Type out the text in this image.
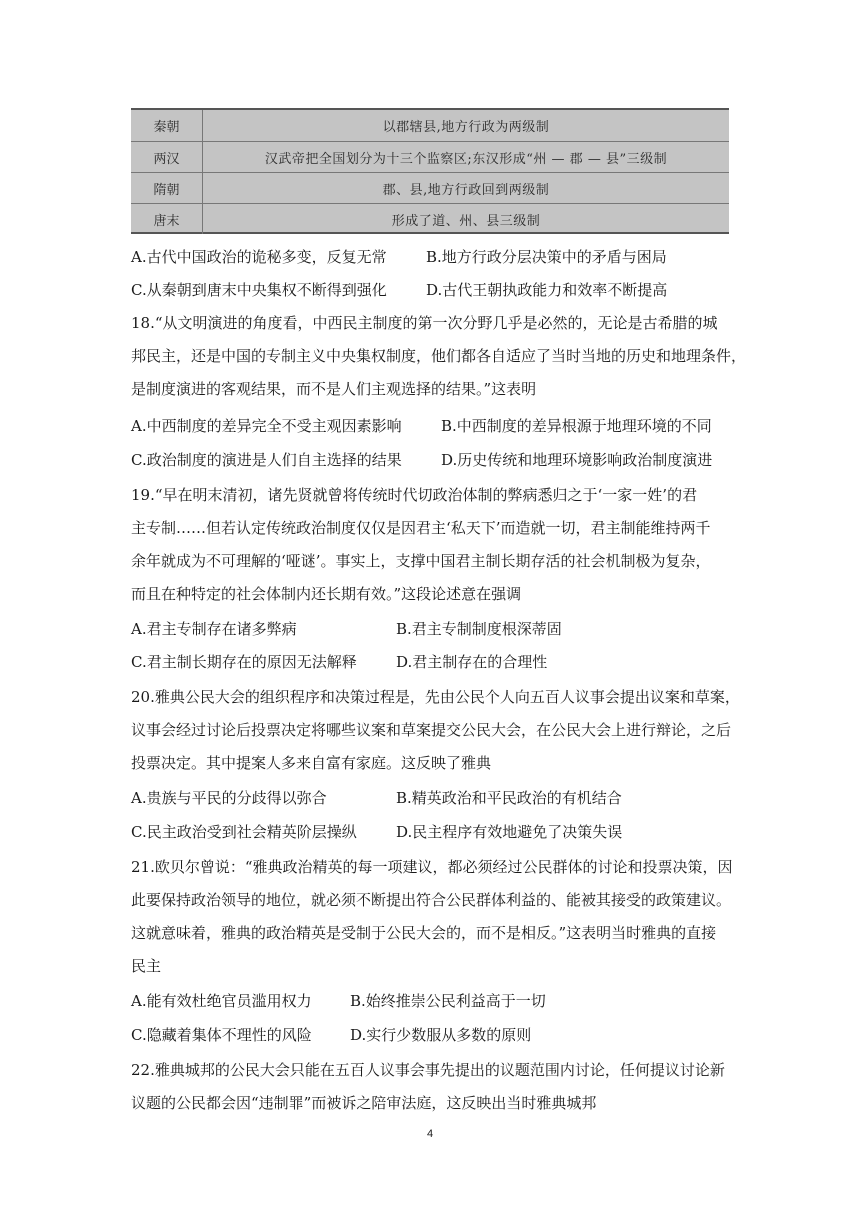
秦朝	以郡辖县,地方行政为两级制
两汉	汉武帝把全国划分为十三个监察区;东汉形成“州 — 郡 — 县”三级制
隋朝	郡、县,地方行政回到两级制
唐末	形成了道、州、县三级制
A.古代中国政治的诡秘多变，反复无常	B.地方行政分层决策中的矛盾与困局
C.从秦朝到唐末中央集权不断得到强化	D.古代王朝执政能力和效率不断提高
18.“从文明演进的角度看，中西民主制度的第一次分野几乎是必然的，无论是古希腊的城
邦民主，还是中国的专制主义中央集权制度，他们都各自适应了当时当地的历史和地理条件，
是制度演进的客观结果，而不是人们主观选择的结果。”这表明
A.中西制度的差异完全不受主观因素影响	B.中西制度的差异根源于地理环境的不同
C.政治制度的演进是人们自主选择的结果	D.历史传统和地理环境影响政治制度演进
19.“早在明末清初，诸先贤就曾将传统时代切政治体制的弊病悉归之于‘一家一姓’的君
主专制……但若认定传统政治制度仅仅是因君主‘私天下’而造就一切，君主制能维持两千
余年就成为不可理解的‘哑谜’。事实上，支撑中国君主制长期存活的社会机制极为复杂，
而且在种特定的社会体制内还长期有效。”这段论述意在强调
A.君主专制存在诸多弊病	B.君主专制制度根深蒂固
C.君主制长期存在的原因无法解释	D.君主制存在的合理性
20.雅典公民大会的组织程序和决策过程是，先由公民个人向五百人议事会提出议案和草案，
议事会经过讨论后投票决定将哪些议案和草案提交公民大会，在公民大会上进行辩论，之后
投票决定。其中提案人多来自富有家庭。这反映了雅典
A.贵族与平民的分歧得以弥合	B.精英政治和平民政治的有机结合
C.民主政治受到社会精英阶层操纵	D.民主程序有效地避免了决策失误
21.欧贝尔曾说：“雅典政治精英的每一项建议，都必须经过公民群体的讨论和投票决策，因
此要保持政治领导的地位，就必须不断提出符合公民群体利益的、能被其接受的政策建议。
这就意味着，雅典的政治精英是受制于公民大会的，而不是相反。”这表明当时雅典的直接
民主
A.能有效杜绝官员滥用权力	B.始终推崇公民利益高于一切
C.隐藏着集体不理性的风险	D.实行少数服从多数的原则
22.雅典城邦的公民大会只能在五百人议事会事先提出的议题范围内讨论，任何提议讨论新
议题的公民都会因“违制罪”而被诉之陪审法庭，这反映出当时雅典城邦
4
